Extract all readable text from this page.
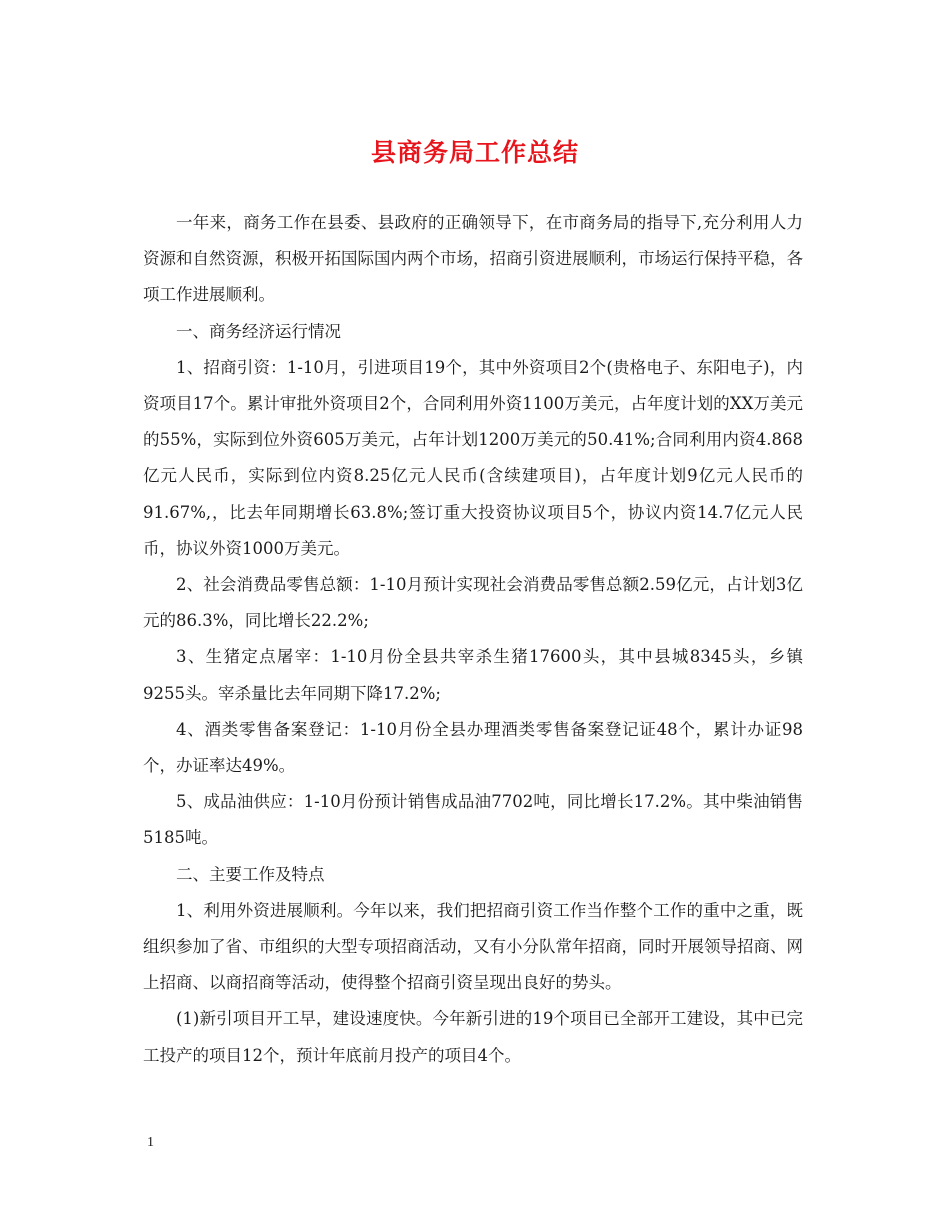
县商务局工作总结

一年来，商务工作在县委、县政府的正确领导下，在市商务局的指导下,充分利用人力资源和自然资源，积极开拓国际国内两个市场，招商引资进展顺利，市场运行保持平稳，各项工作进展顺利。

一、商务经济运行情况

1、招商引资：1-10月，引进项目19个，其中外资项目2个(贵格电子、东阳电子)，内资项目17个。累计审批外资项目2个，合同利用外资1100万美元，占年度计划的XX万美元的55%，实际到位外资605万美元，占年计划1200万美元的50.41%;合同利用内资4.868亿元人民币，实际到位内资8.25亿元人民币(含续建项目)，占年度计划9亿元人民币的91.67%,，比去年同期增长63.8%;签订重大投资协议项目5个，协议内资14.7亿元人民币，协议外资1000万美元。

2、社会消费品零售总额：1-10月预计实现社会消费品零售总额2.59亿元，占计划3亿元的86.3%，同比增长22.2%;

3、生猪定点屠宰：1-10月份全县共宰杀生猪17600头，其中县城8345头，乡镇9255头。宰杀量比去年同期下降17.2%;

4、酒类零售备案登记：1-10月份全县办理酒类零售备案登记证48个，累计办证98个，办证率达49%。

5、成品油供应：1-10月份预计销售成品油7702吨，同比增长17.2%。其中柴油销售5185吨。

二、主要工作及特点

1、利用外资进展顺利。今年以来，我们把招商引资工作当作整个工作的重中之重，既组织参加了省、市组织的大型专项招商活动，又有小分队常年招商，同时开展领导招商、网上招商、以商招商等活动，使得整个招商引资呈现出良好的势头。

(1)新引项目开工早，建设速度快。今年新引进的19个项目已全部开工建设，其中已完工投产的项目12个，预计年底前月投产的项目4个。

1
